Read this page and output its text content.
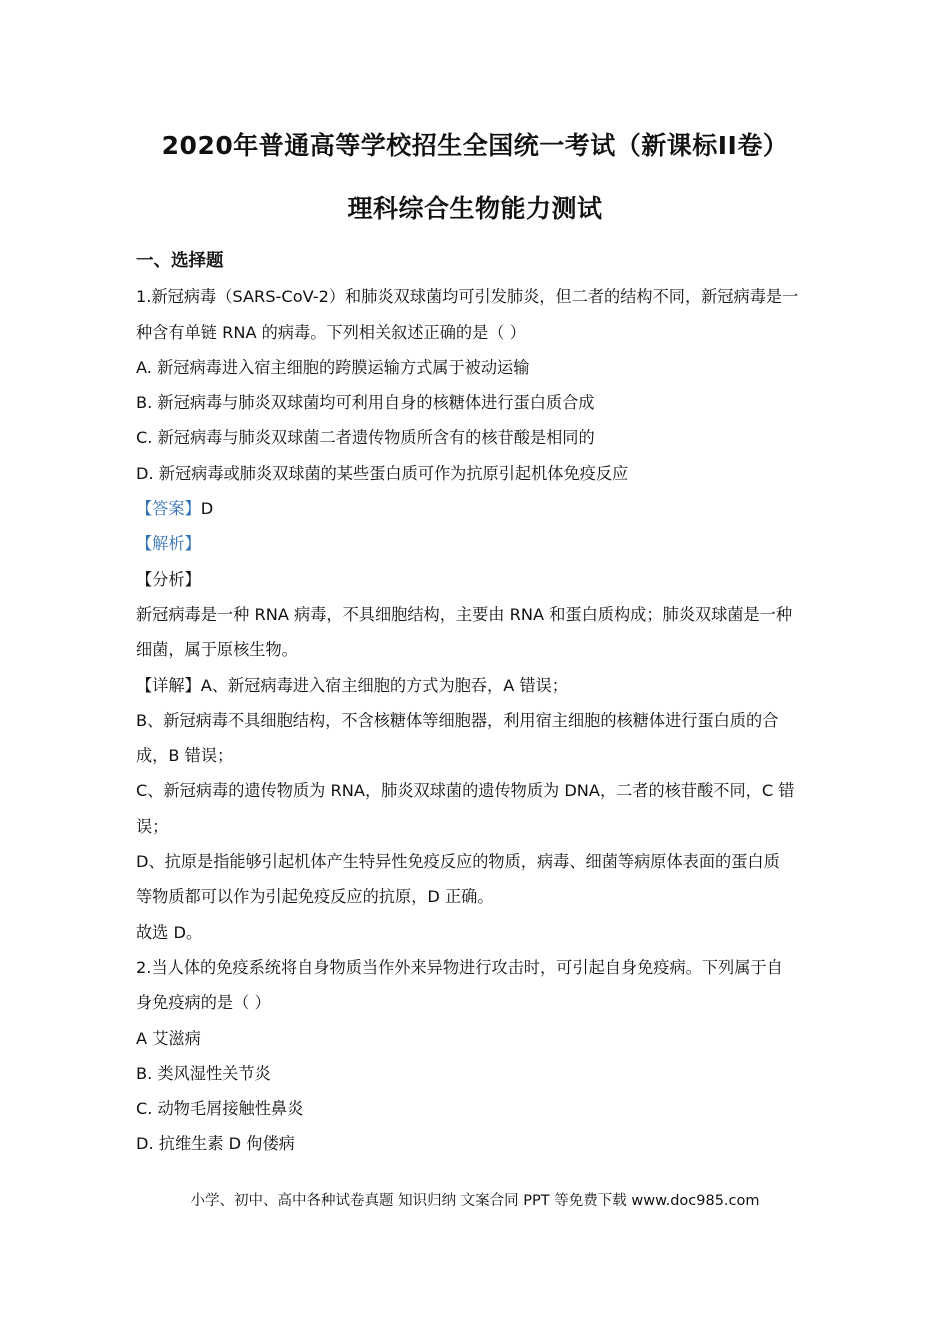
2020年普通高等学校招生全国统一考试（新课标II卷）
理科综合生物能力测试
一、选择题
1.新冠病毒（SARS-CoV-2）和肺炎双球菌均可引发肺炎，但二者的结构不同，新冠病毒是一
种含有单链 RNA 的病毒。下列相关叙述正确的是（ ）
A. 新冠病毒进入宿主细胞的跨膜运输方式属于被动运输
B. 新冠病毒与肺炎双球菌均可利用自身的核糖体进行蛋白质合成
C. 新冠病毒与肺炎双球菌二者遗传物质所含有的核苷酸是相同的
D. 新冠病毒或肺炎双球菌的某些蛋白质可作为抗原引起机体免疫反应
【答案】D
【解析】
【分析】
新冠病毒是一种 RNA 病毒，不具细胞结构，主要由 RNA 和蛋白质构成；肺炎双球菌是一种
细菌，属于原核生物。
【详解】A、新冠病毒进入宿主细胞的方式为胞吞，A 错误；
B、新冠病毒不具细胞结构，不含核糖体等细胞器，利用宿主细胞的核糖体进行蛋白质的合
成，B 错误；
C、新冠病毒的遗传物质为 RNA，肺炎双球菌的遗传物质为 DNA，二者的核苷酸不同，C 错
误；
D、抗原是指能够引起机体产生特异性免疫反应的物质，病毒、细菌等病原体表面的蛋白质
等物质都可以作为引起免疫反应的抗原，D 正确。
故选 D。
2.当人体的免疫系统将自身物质当作外来异物进行攻击时，可引起自身免疫病。下列属于自
身免疫病的是（ ）
A 艾滋病
B. 类风湿性关节炎
C. 动物毛屑接触性鼻炎
D. 抗维生素 D 佝偻病
小学、初中、高中各种试卷真题 知识归纳 文案合同 PPT 等免费下载 www.doc985.com
